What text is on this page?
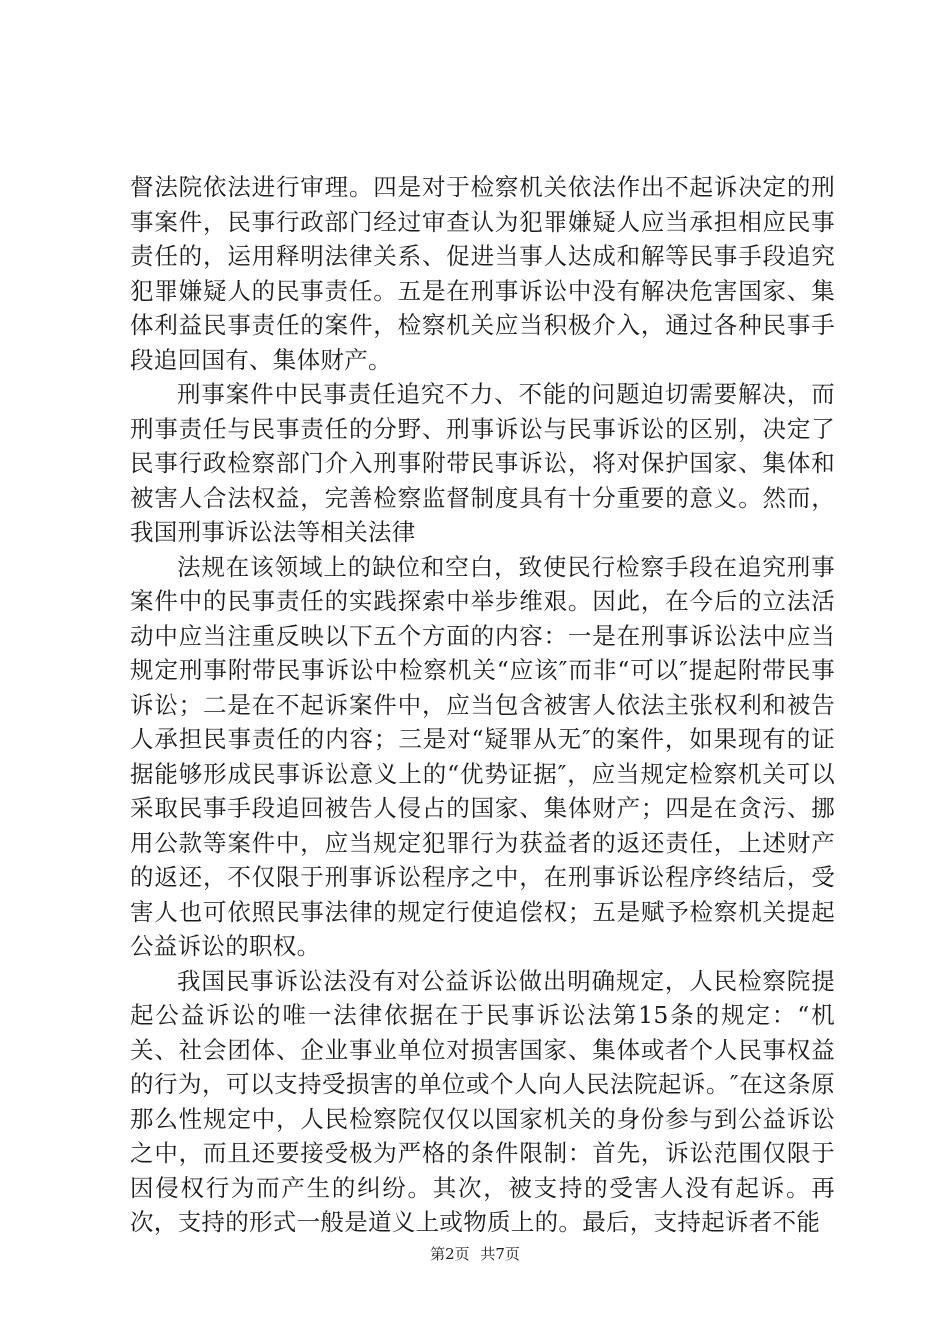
督法院依法进行审理。四是对于检察机关依法作出不起诉决定的刑事案件，民事行政部门经过审查认为犯罪嫌疑人应当承担相应民事责任的，运用释明法律关系、促进当事人达成和解等民事手段追究犯罪嫌疑人的民事责任。五是在刑事诉讼中没有解决危害国家、集体利益民事责任的案件，检察机关应当积极介入，通过各种民事手段追回国有、集体财产。

刑事案件中民事责任追究不力、不能的问题迫切需要解决，而刑事责任与民事责任的分野、刑事诉讼与民事诉讼的区别，决定了民事行政检察部门介入刑事附带民事诉讼，将对保护国家、集体和被害人合法权益，完善检察监督制度具有十分重要的意义。然而，我国刑事诉讼法等相关法律

法规在该领域上的缺位和空白，致使民行检察手段在追究刑事案件中的民事责任的实践探索中举步维艰。因此，在今后的立法活动中应当注重反映以下五个方面的内容：一是在刑事诉讼法中应当规定刑事附带民事诉讼中检察机关“应该″而非“可以″提起附带民事诉讼；二是在不起诉案件中，应当包含被害人依法主张权利和被告人承担民事责任的内容；三是对“疑罪从无″的案件，如果现有的证据能够形成民事诉讼意义上的“优势证据″，应当规定检察机关可以采取民事手段追回被告人侵占的国家、集体财产；四是在贪污、挪用公款等案件中，应当规定犯罪行为获益者的返还责任，上述财产的返还，不仅限于刑事诉讼程序之中，在刑事诉讼程序终结后，受害人也可依照民事法律的规定行使追偿权；五是赋予检察机关提起公益诉讼的职权。

我国民事诉讼法没有对公益诉讼做出明确规定，人民检察院提起公益诉讼的唯一法律依据在于民事诉讼法第15条的规定：“机关、社会团体、企业事业单位对损害国家、集体或者个人民事权益的行为，可以支持受损害的单位或个人向人民法院起诉。″在这条原那么性规定中，人民检察院仅仅以国家机关的身份参与到公益诉讼之中，而且还要接受极为严格的条件限制：首先，诉讼范围仅限于因侵权行为而产生的纠纷。其次，被支持的受害人没有起诉。再次，支持的形式一般是道义上或物质上的。最后，支持起诉者不能

第2页 共7页
